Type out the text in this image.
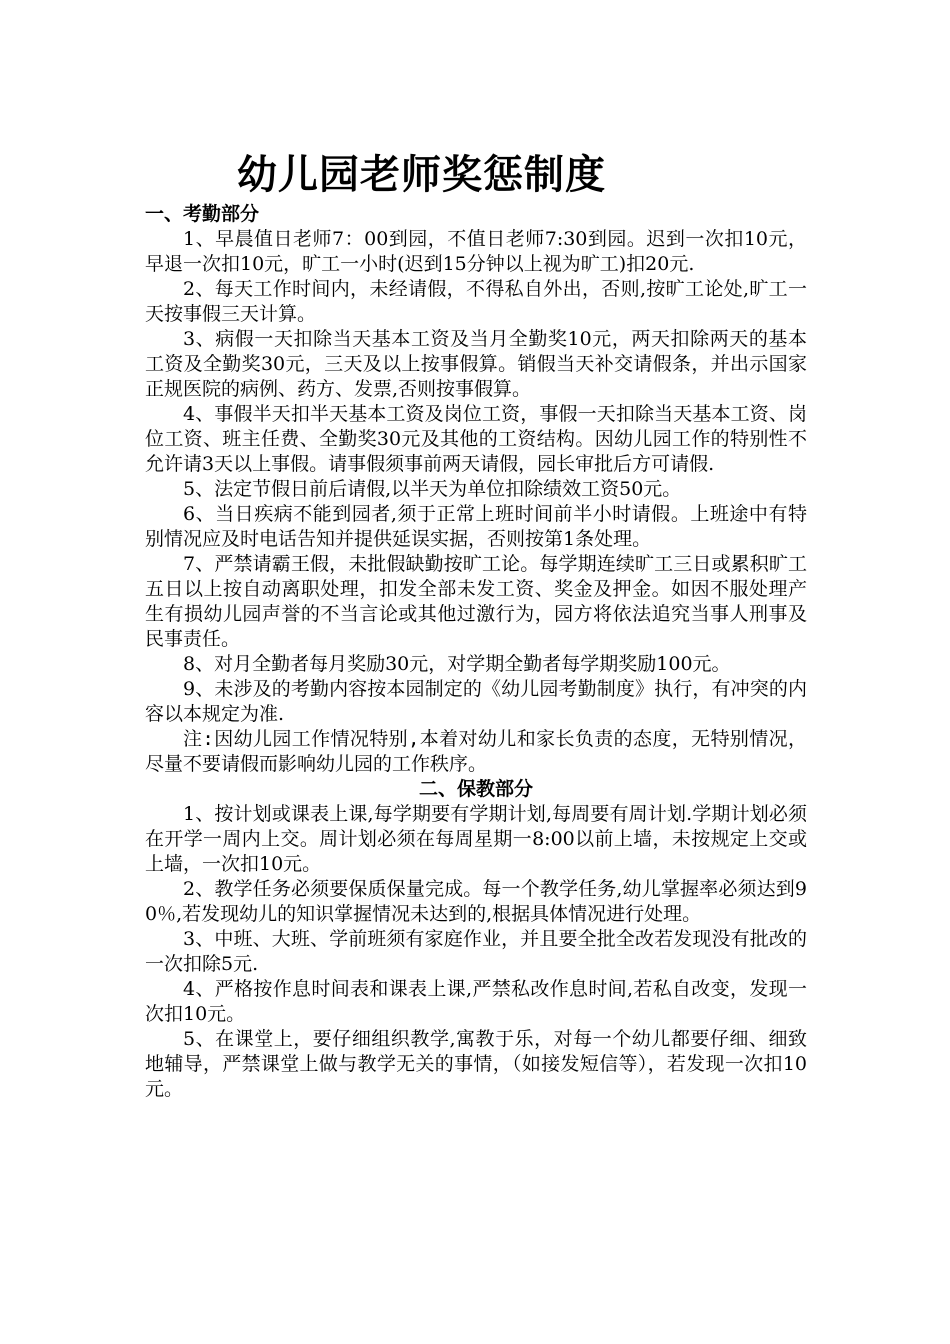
幼儿园老师奖惩制度
一、考勤部分

1、早晨值日老师7：00到园，不值日老师7:30到园。迟到一次扣10元，早退一次扣10元，旷工一小时(迟到15分钟以上视为旷工)扣20元.

2、每天工作时间内，未经请假，不得私自外出，否则,按旷工论处,旷工一天按事假三天计算。

3、病假一天扣除当天基本工资及当月全勤奖10元，两天扣除两天的基本工资及全勤奖30元，三天及以上按事假算。销假当天补交请假条，并出示国家正规医院的病例、药方、发票,否则按事假算。

4、事假半天扣半天基本工资及岗位工资，事假一天扣除当天基本工资、岗位工资、班主任费、全勤奖30元及其他的工资结构。因幼儿园工作的特别性不允许请3天以上事假。请事假须事前两天请假，园长审批后方可请假.

5、法定节假日前后请假,以半天为单位扣除绩效工资50元。

6、当日疾病不能到园者,须于正常上班时间前半小时请假。上班途中有特别情况应及时电话告知并提供延误实据，否则按第1条处理。

7、严禁请霸王假，未批假缺勤按旷工论。每学期连续旷工三日或累积旷工五日以上按自动离职处理，扣发全部未发工资、奖金及押金。如因不服处理产生有损幼儿园声誉的不当言论或其他过激行为，园方将依法追究当事人刑事及民事责任。

8、对月全勤者每月奖励30元，对学期全勤者每学期奖励100元。

9、未涉及的考勤内容按本园制定的《幼儿园考勤制度》执行，有冲突的内容以本规定为准.

注:因幼儿园工作情况特别,本着对幼儿和家长负责的态度，无特别情况，尽量不要请假而影响幼儿园的工作秩序。

二、保教部分

1、按计划或课表上课,每学期要有学期计划,每周要有周计划.学期计划必须在开学一周内上交。周计划必须在每周星期一8:00以前上墙，未按规定上交或上墙，一次扣10元。

2、教学任务必须要保质保量完成。每一个教学任务,幼儿掌握率必须达到90％,若发现幼儿的知识掌握情况未达到的,根据具体情况进行处理。

3、中班、大班、学前班须有家庭作业，并且要全批全改若发现没有批改的一次扣除5元.

4、严格按作息时间表和课表上课,严禁私改作息时间,若私自改变，发现一次扣10元。

5、在课堂上，要仔细组织教学,寓教于乐，对每一个幼儿都要仔细、细致地辅导，严禁课堂上做与教学无关的事情，（如接发短信等），若发现一次扣10元。
